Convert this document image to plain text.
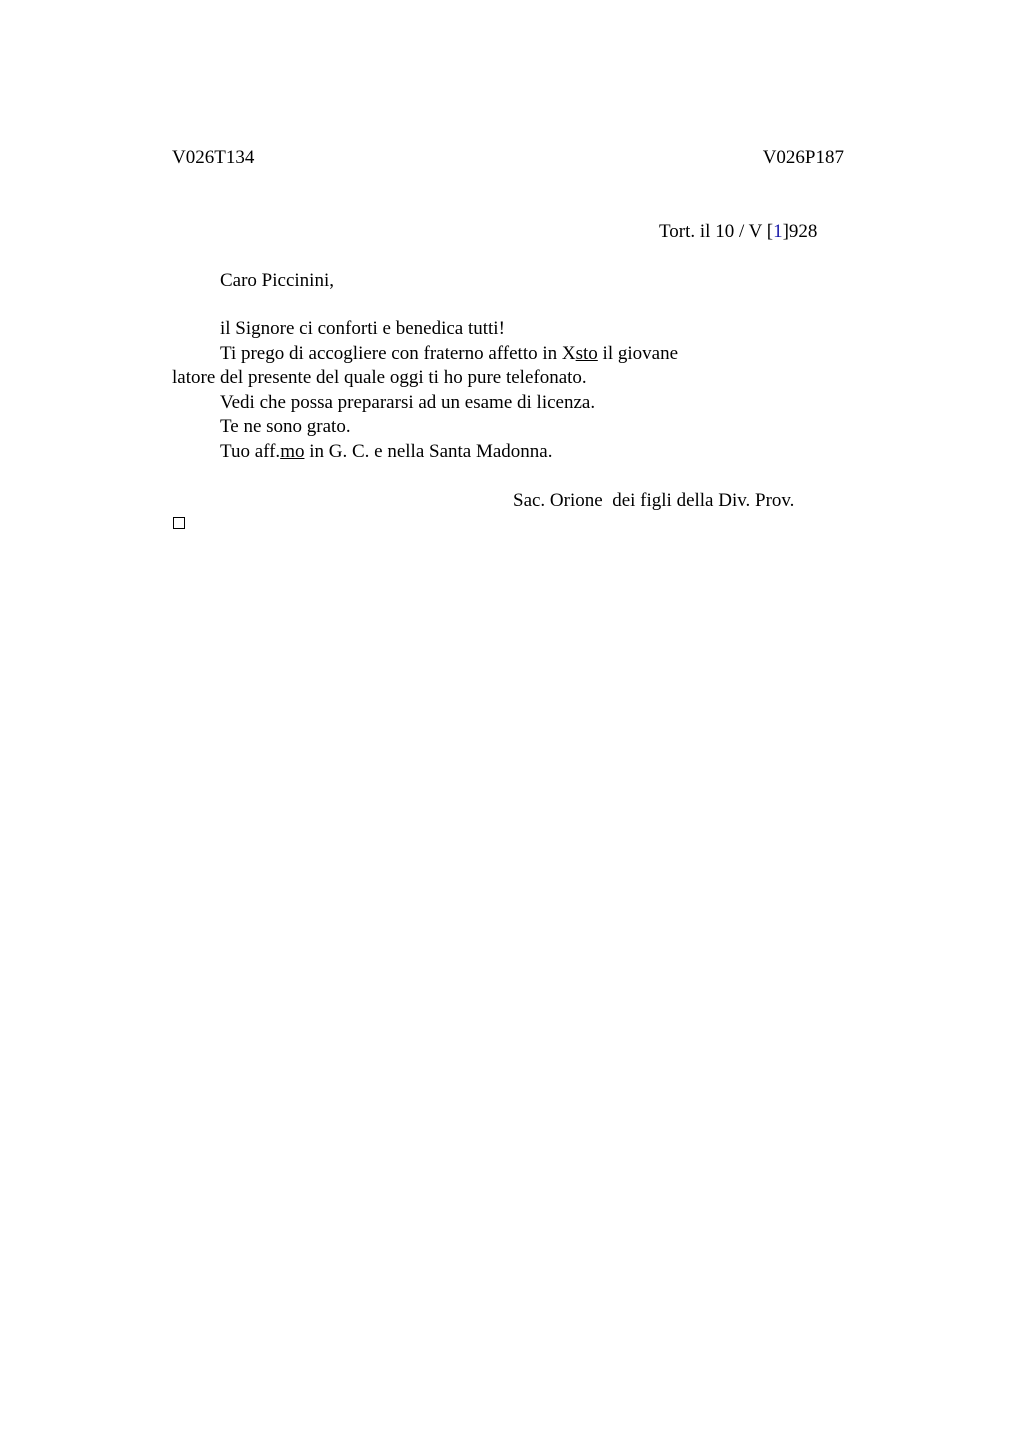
V026T134	V026P187
Tort. il 10 / V [1]928
Caro Piccinini,
il Signore ci conforti e benedica tutti!
Ti prego di accogliere con fraterno affetto in Xsto il giovane
latore del presente del quale oggi ti ho pure telefonato.
Vedi che possa prepararsi ad un esame di licenza.
Te ne sono grato.
Tuo aff.mo in G. C. e nella Santa Madonna.
Sac. Orione  dei figli della Div. Prov.
